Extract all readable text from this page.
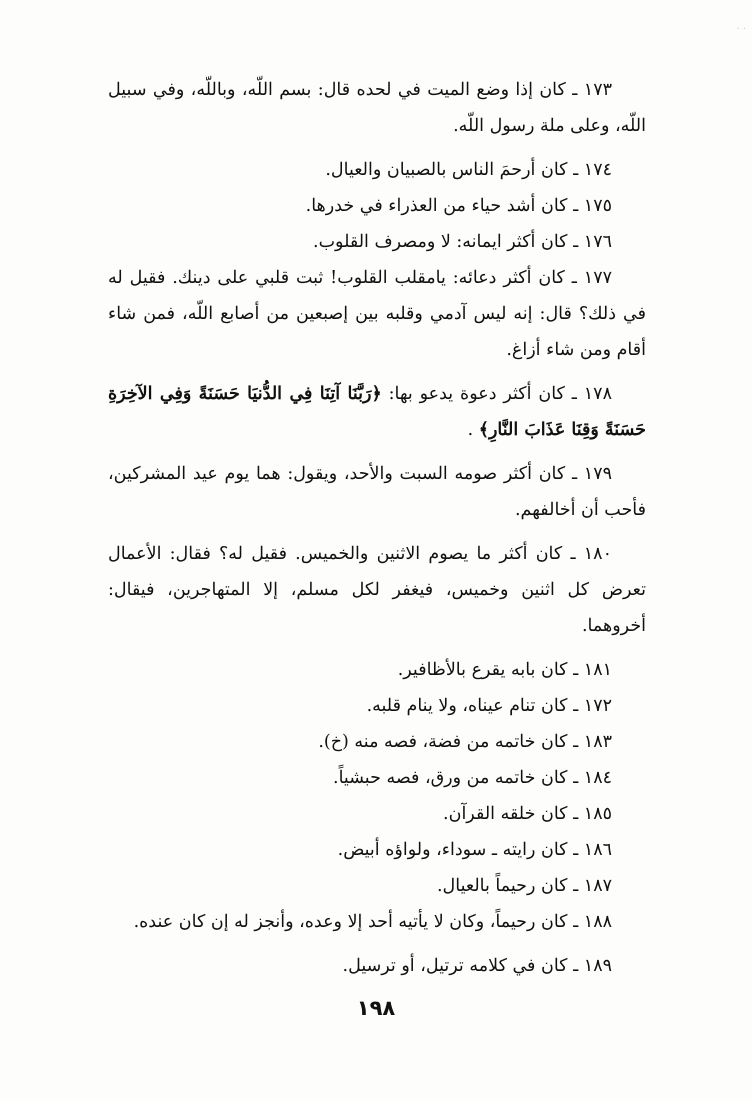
· ·

١٧٣ ـ كان إذا وضع الميت في لحده قال: بسم اللّه، وباللّه، وفي سبيل اللّه، وعلى ملة رسول اللّه.

١٧٤ ـ كان أرحمَ الناس بالصبيان والعيال.

١٧٥ ـ كان أشد حياء من العذراء في خدرها.

١٧٦ ـ كان أكثر ايمانه: لا ومصرف القلوب.

١٧٧ ـ كان أكثر دعائه: يامقلب القلوب! ثبت قلبي على دينك. فقيل له في ذلك؟ قال: إنه ليس آدمي وقلبه بين إصبعين من أصابع اللّه، فمن شاء أقام ومن شاء أزاغ.

١٧٨ ـ كان أكثر دعوة يدعو بها: ﴿رَبَّنَا آتِنَا فِي الدُّنيَا حَسَنَةً وَفِي الآخِرَةِ حَسَنَةً وَقِنَا عَذَابَ النَّارِ﴾ .

١٧٩ ـ كان أكثر صومه السبت والأحد، ويقول: هما يوم عيد المشركين، فأحب أن أخالفهم.

١٨٠ ـ كان أكثر ما يصوم الاثنين والخميس. فقيل له؟ فقال: الأعمال تعرض كل اثنين وخميس، فيغفر لكل مسلم، إلا المتهاجرين، فيقال: أخروهما.

١٨١ ـ كان بابه يقرع بالأظافير.

١٧٢ ـ كان تنام عيناه، ولا ينام قلبه.

١٨٣ ـ كان خاتمه من فضة، فصه منه (خ).

١٨٤ ـ كان خاتمه من ورق، فصه حبشياً.

١٨٥ ـ كان خلقه القرآن.

١٨٦ ـ كان رايته ـ سوداء، ولواؤه أبيض.

١٨٧ ـ كان رحيماً بالعيال.

١٨٨ ـ كان رحيماً، وكان لا يأتيه أحد إلا وعده، وأنجز له إن كان عنده.

١٨٩ ـ كان في كلامه ترتيل، أو ترسيل.

١٩٨
